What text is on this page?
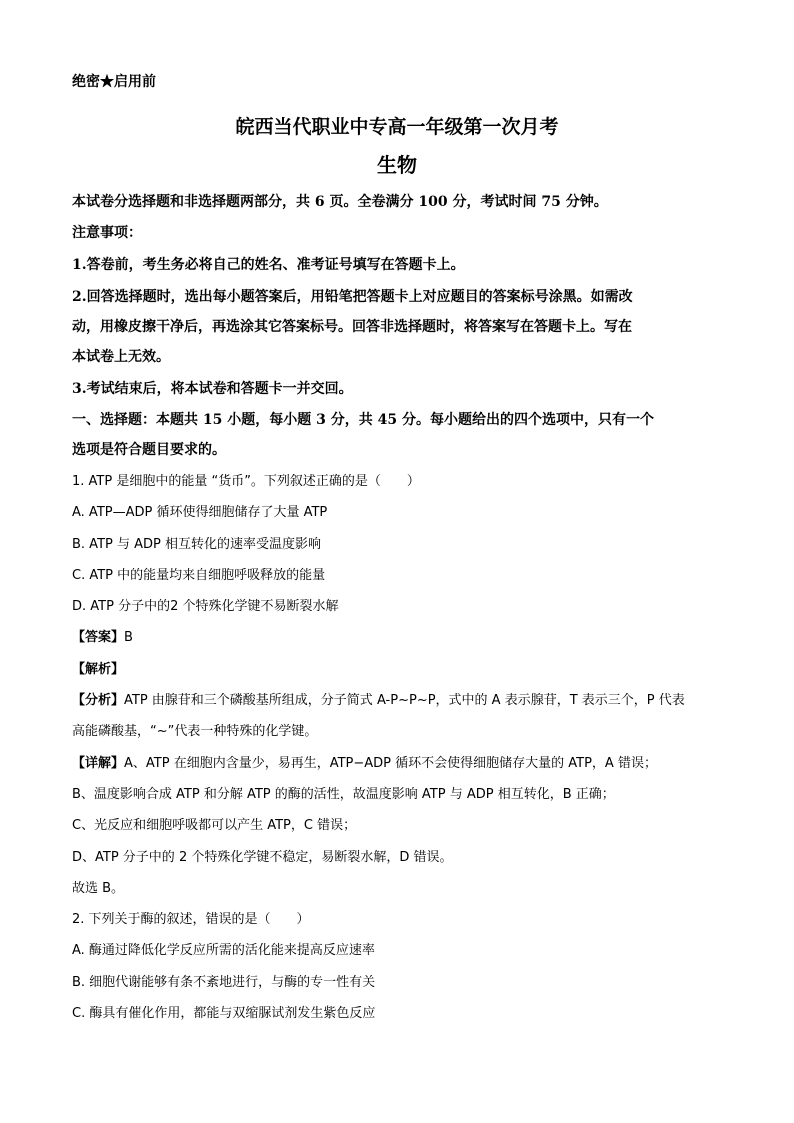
绝密★启用前
皖西当代职业中专高一年级第一次月考
生物
本试卷分选择题和非选择题两部分，共 6 页。全卷满分 100 分，考试时间 75 分钟。
注意事项：
1.答卷前，考生务必将自己的姓名、准考证号填写在答题卡上。
2.回答选择题时，选出每小题答案后，用铅笔把答题卡上对应题目的答案标号涂黑。如需改
动，用橡皮擦干净后，再选涂其它答案标号。回答非选择题时，将答案写在答题卡上。写在
本试卷上无效。
3.考试结束后，将本试卷和答题卡一并交回。
一、选择题：本题共 15 小题，每小题 3 分，共 45 分。每小题给出的四个选项中，只有一个
选项是符合题目要求的。
1. ATP 是细胞中的能量 “货币”。下列叙述正确的是（　　）
A. ATP—ADP 循环使得细胞储存了大量 ATP
B. ATP 与 ADP 相互转化的速率受温度影响
C. ATP 中的能量均来自细胞呼吸释放的能量
D. ATP 分子中的2 个特殊化学键不易断裂水解
【答案】B
【解析】
【分析】ATP 由腺苷和三个磷酸基所组成，分子简式 A-P~P~P，式中的 A 表示腺苷，T 表示三个，P 代表
高能磷酸基，“~”代表一种特殊的化学键。
【详解】A、ATP 在细胞内含量少，易再生，ATP−ADP 循环不会使得细胞储存大量的 ATP，A 错误；
B、温度影响合成 ATP 和分解 ATP 的酶的活性，故温度影响 ATP 与 ADP 相互转化，B 正确；
C、光反应和细胞呼吸都可以产生 ATP，C 错误；
D、ATP 分子中的 2 个特殊化学键不稳定，易断裂水解，D 错误。
故选 B。
2. 下列关于酶的叙述，错误的是（　　）
A. 酶通过降低化学反应所需的活化能来提高反应速率
B. 细胞代谢能够有条不紊地进行，与酶的专一性有关
C. 酶具有催化作用，都能与双缩脲试剂发生紫色反应
